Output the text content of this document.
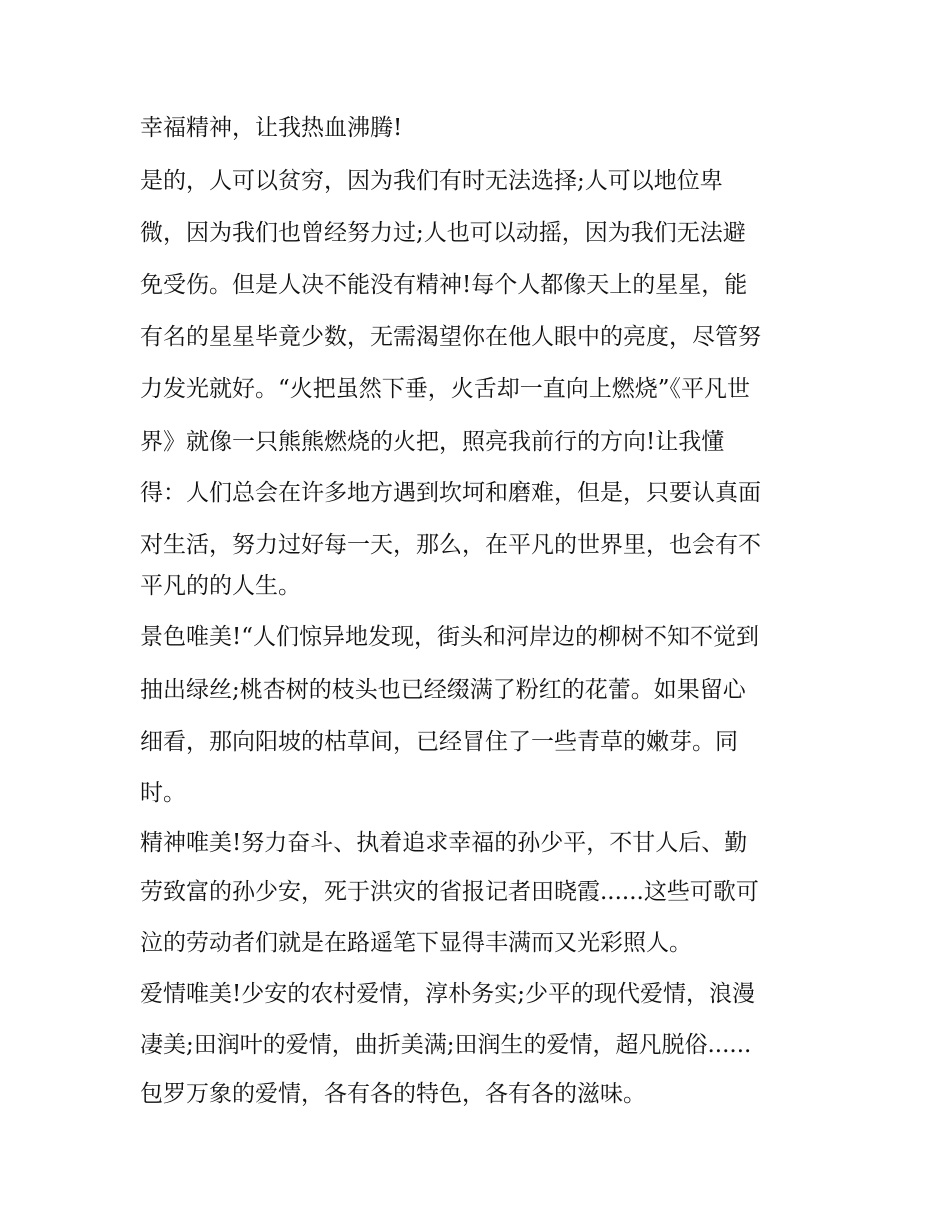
幸福精神，让我热血沸腾!
是的，人可以贫穷，因为我们有时无法选择;人可以地位卑
微，因为我们也曾经努力过;人也可以动摇，因为我们无法避
免受伤。但是人决不能没有精神!每个人都像天上的星星，能
有名的星星毕竟少数，无需渴望你在他人眼中的亮度，尽管努
力发光就好。“火把虽然下垂，火舌却一直向上燃烧”《平凡世
界》就像一只熊熊燃烧的火把，照亮我前行的方向!让我懂
得：人们总会在许多地方遇到坎坷和磨难，但是，只要认真面
对生活，努力过好每一天，那么，在平凡的世界里，也会有不
平凡的的人生。
景色唯美!“人们惊异地发现，街头和河岸边的柳树不知不觉到
抽出绿丝;桃杏树的枝头也已经缀满了粉红的花蕾。如果留心
细看，那向阳坡的枯草间，已经冒住了一些青草的嫩芽。同
时。
精神唯美!努力奋斗、执着追求幸福的孙少平，不甘人后、勤
劳致富的孙少安，死于洪灾的省报记者田晓霞......这些可歌可
泣的劳动者们就是在路遥笔下显得丰满而又光彩照人。
爱情唯美!少安的农村爱情，淳朴务实;少平的现代爱情，浪漫
凄美;田润叶的爱情，曲折美满;田润生的爱情，超凡脱俗......
包罗万象的爱情，各有各的特色，各有各的滋味。
